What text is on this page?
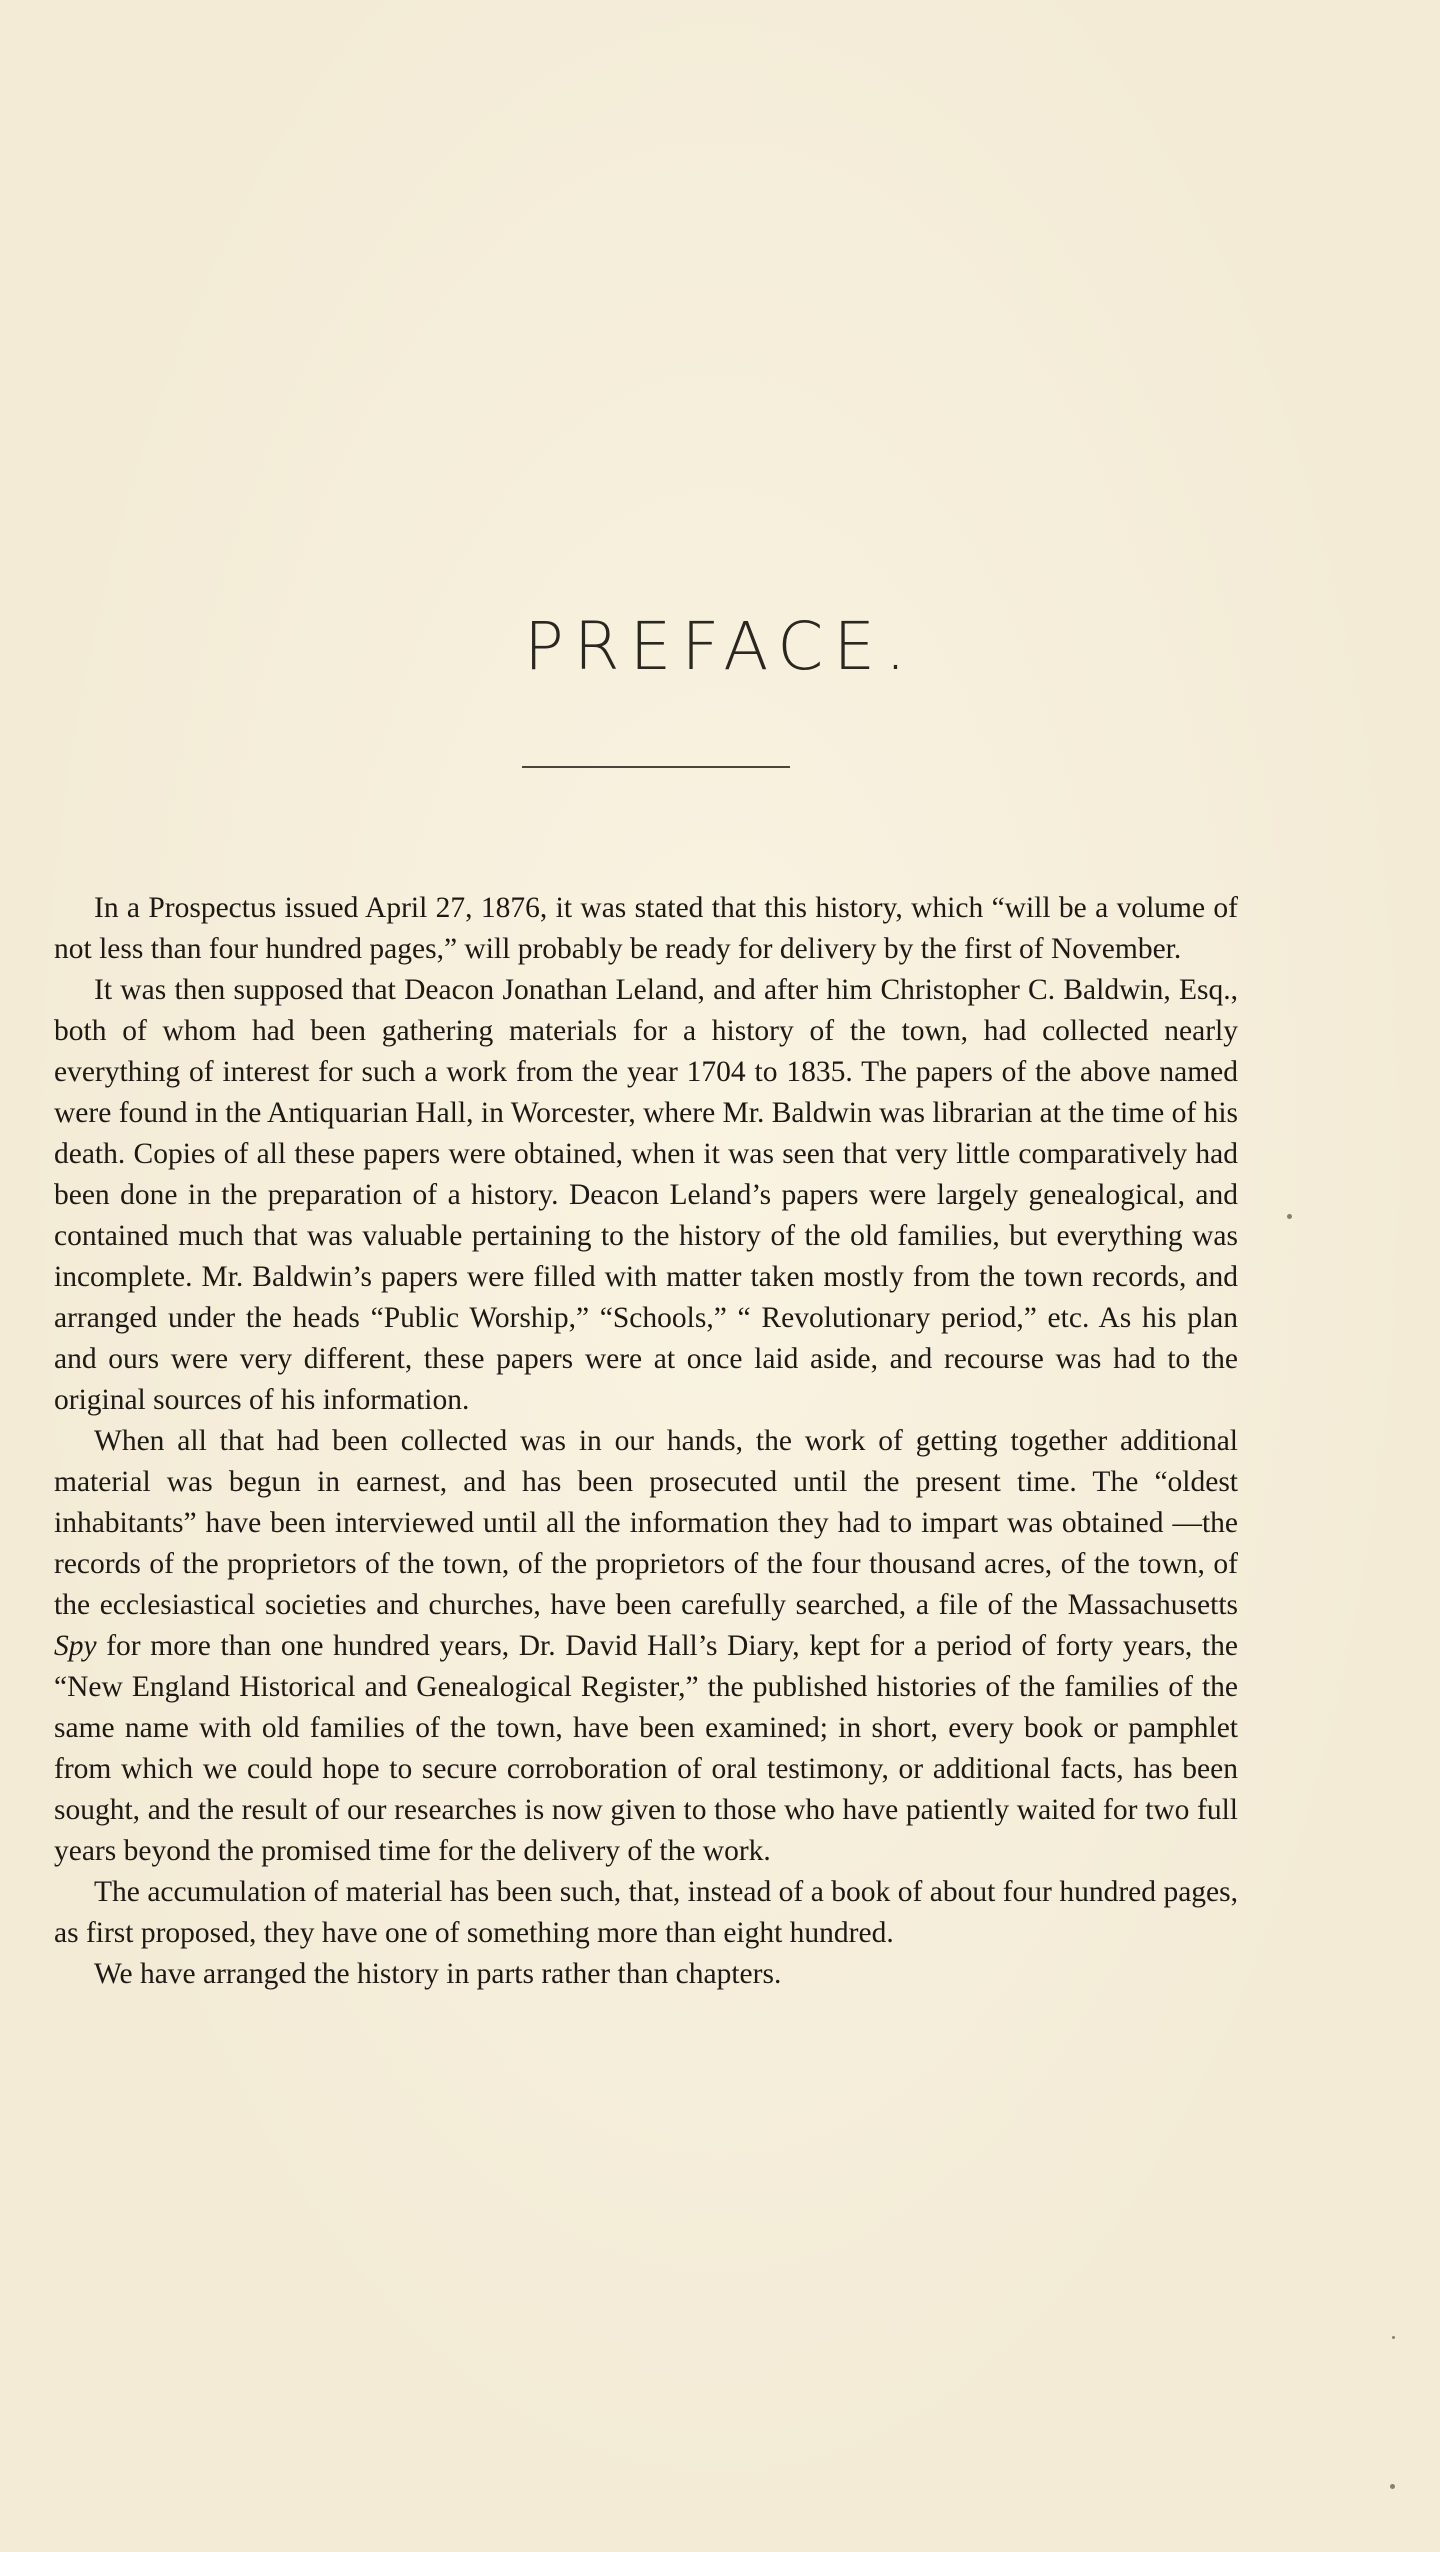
PREFACE.

In a Prospectus issued April 27, 1876, it was stated that this history, which “will be a volume of not less than four hundred pages,” will probably be ready for delivery by the first of November.

It was then supposed that Deacon Jonathan Leland, and after him Christopher C. Baldwin, Esq., both of whom had been gathering materials for a history of the town, had collected nearly everything of interest for such a work from the year 1704 to 1835. The papers of the above named were found in the Antiquarian Hall, in Worcester, where Mr. Baldwin was librarian at the time of his death. Copies of all these papers were obtained, when it was seen that very little comparatively had been done in the preparation of a history. Deacon Leland’s papers were largely genealogical, and contained much that was valuable pertaining to the history of the old families, but everything was incomplete. Mr. Baldwin’s papers were filled with matter taken mostly from the town records, and arranged under the heads “Public Worship,” “Schools,” “ Revolutionary period,” etc. As his plan and ours were very different, these papers were at once laid aside, and recourse was had to the original sources of his information.

When all that had been collected was in our hands, the work of getting together additional material was begun in earnest, and has been prosecuted until the present time. The “oldest inhabitants” have been interviewed until all the information they had to impart was obtained —the records of the proprietors of the town, of the proprietors of the four thousand acres, of the town, of the ecclesiastical societies and churches, have been carefully searched, a file of the Massachusetts Spy for more than one hundred years, Dr. David Hall’s Diary, kept for a period of forty years, the “New England Historical and Genealogical Register,” the published histories of the families of the same name with old families of the town, have been examined; in short, every book or pamphlet from which we could hope to secure corroboration of oral testimony, or additional facts, has been sought, and the result of our researches is now given to those who have patiently waited for two full years beyond the promised time for the delivery of the work.

The accumulation of material has been such, that, instead of a book of about four hundred pages, as first proposed, they have one of something more than eight hundred.

We have arranged the history in parts rather than chapters.
